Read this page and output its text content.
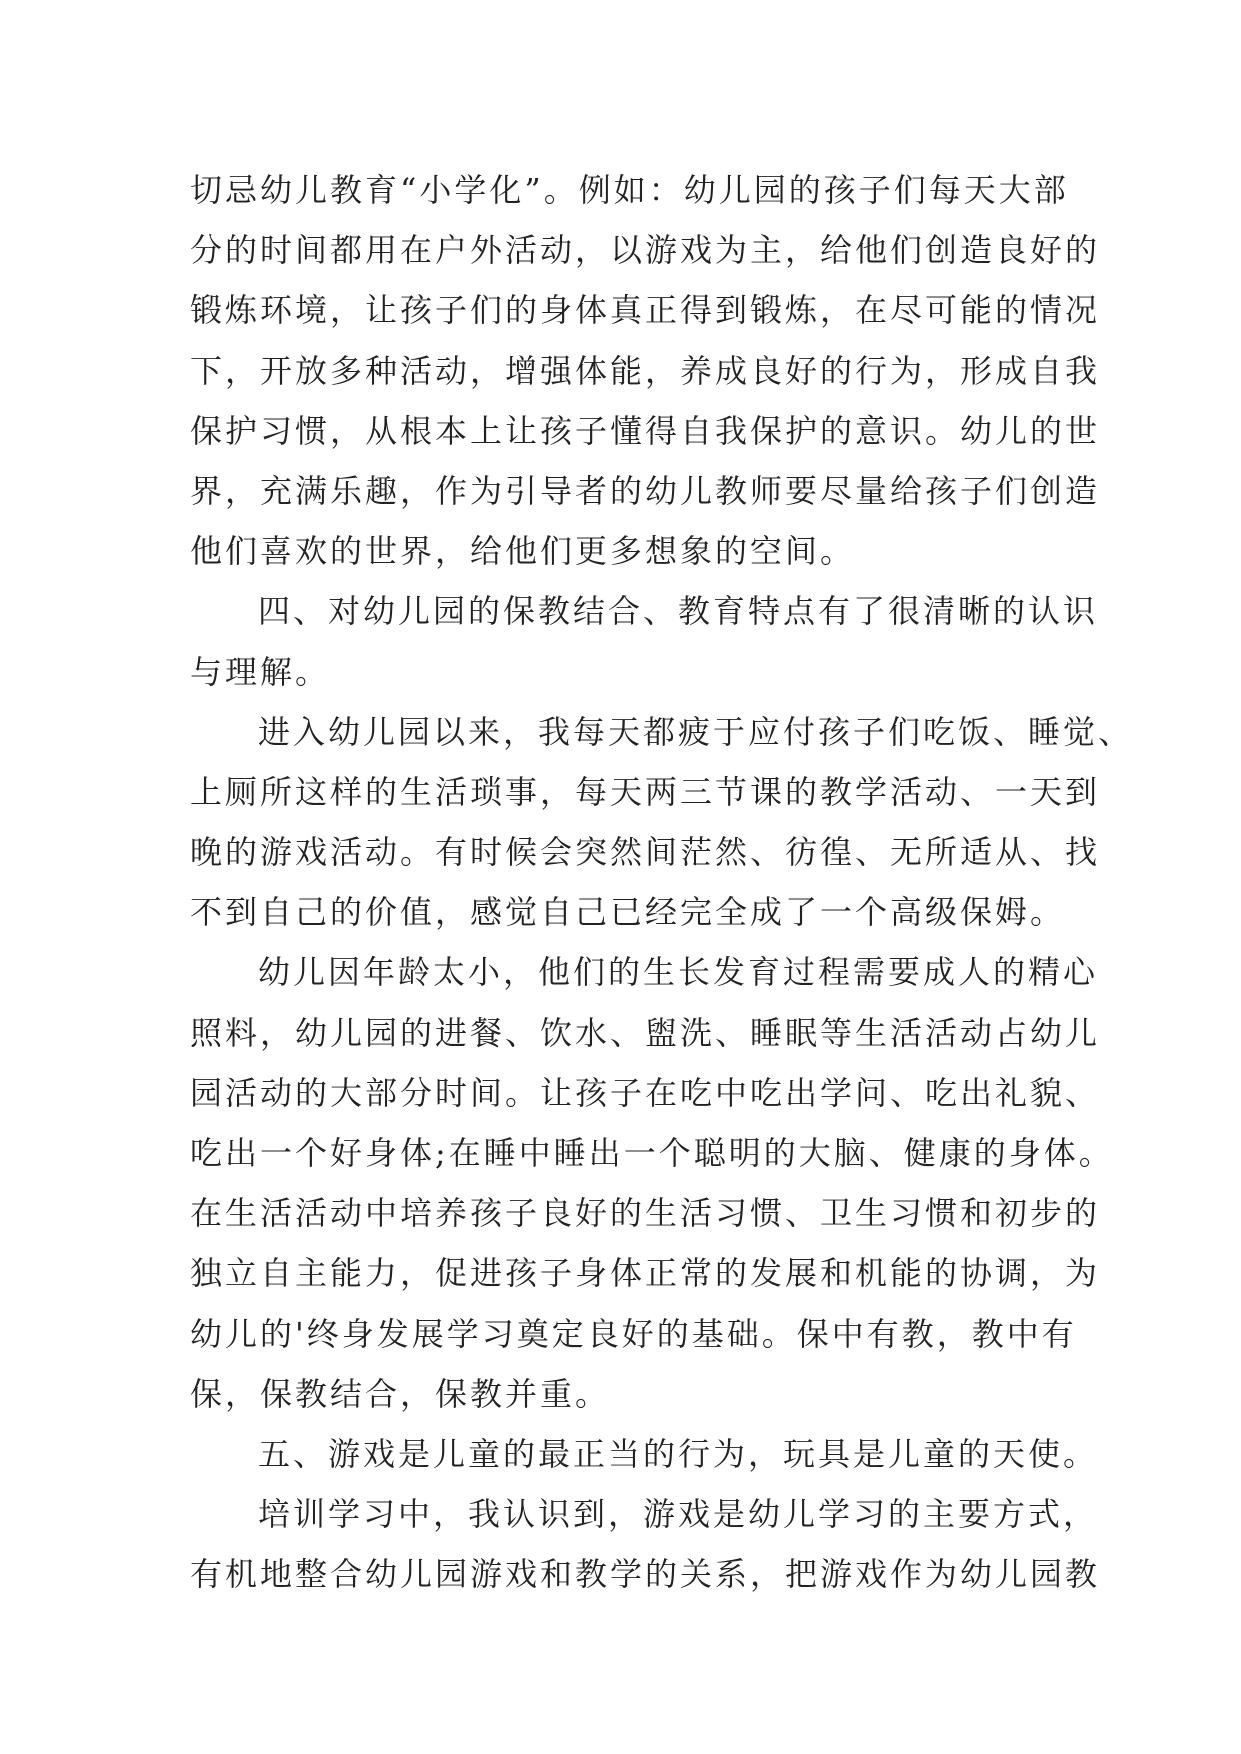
切忌幼儿教育“小学化”。例如：幼儿园的孩子们每天大部
分的时间都用在户外活动，以游戏为主，给他们创造良好的
锻炼环境，让孩子们的身体真正得到锻炼，在尽可能的情况
下，开放多种活动，增强体能，养成良好的行为，形成自我
保护习惯，从根本上让孩子懂得自我保护的意识。幼儿的世
界，充满乐趣，作为引导者的幼儿教师要尽量给孩子们创造
他们喜欢的世界，给他们更多想象的空间。
四、对幼儿园的保教结合、教育特点有了很清晰的认识
与理解。
进入幼儿园以来，我每天都疲于应付孩子们吃饭、睡觉、
上厕所这样的生活琐事，每天两三节课的教学活动、一天到
晚的游戏活动。有时候会突然间茫然、彷徨、无所适从、找
不到自己的价值，感觉自己已经完全成了一个高级保姆。
幼儿因年龄太小，他们的生长发育过程需要成人的精心
照料，幼儿园的进餐、饮水、盥洗、睡眠等生活活动占幼儿
园活动的大部分时间。让孩子在吃中吃出学问、吃出礼貌、
吃出一个好身体;在睡中睡出一个聪明的大脑、健康的身体。
在生活活动中培养孩子良好的生活习惯、卫生习惯和初步的
独立自主能力，促进孩子身体正常的发展和机能的协调，为
幼儿的'终身发展学习奠定良好的基础。保中有教，教中有
保，保教结合，保教并重。
五、游戏是儿童的最正当的行为，玩具是儿童的天使。
培训学习中，我认识到，游戏是幼儿学习的主要方式，
有机地整合幼儿园游戏和教学的关系，把游戏作为幼儿园教
